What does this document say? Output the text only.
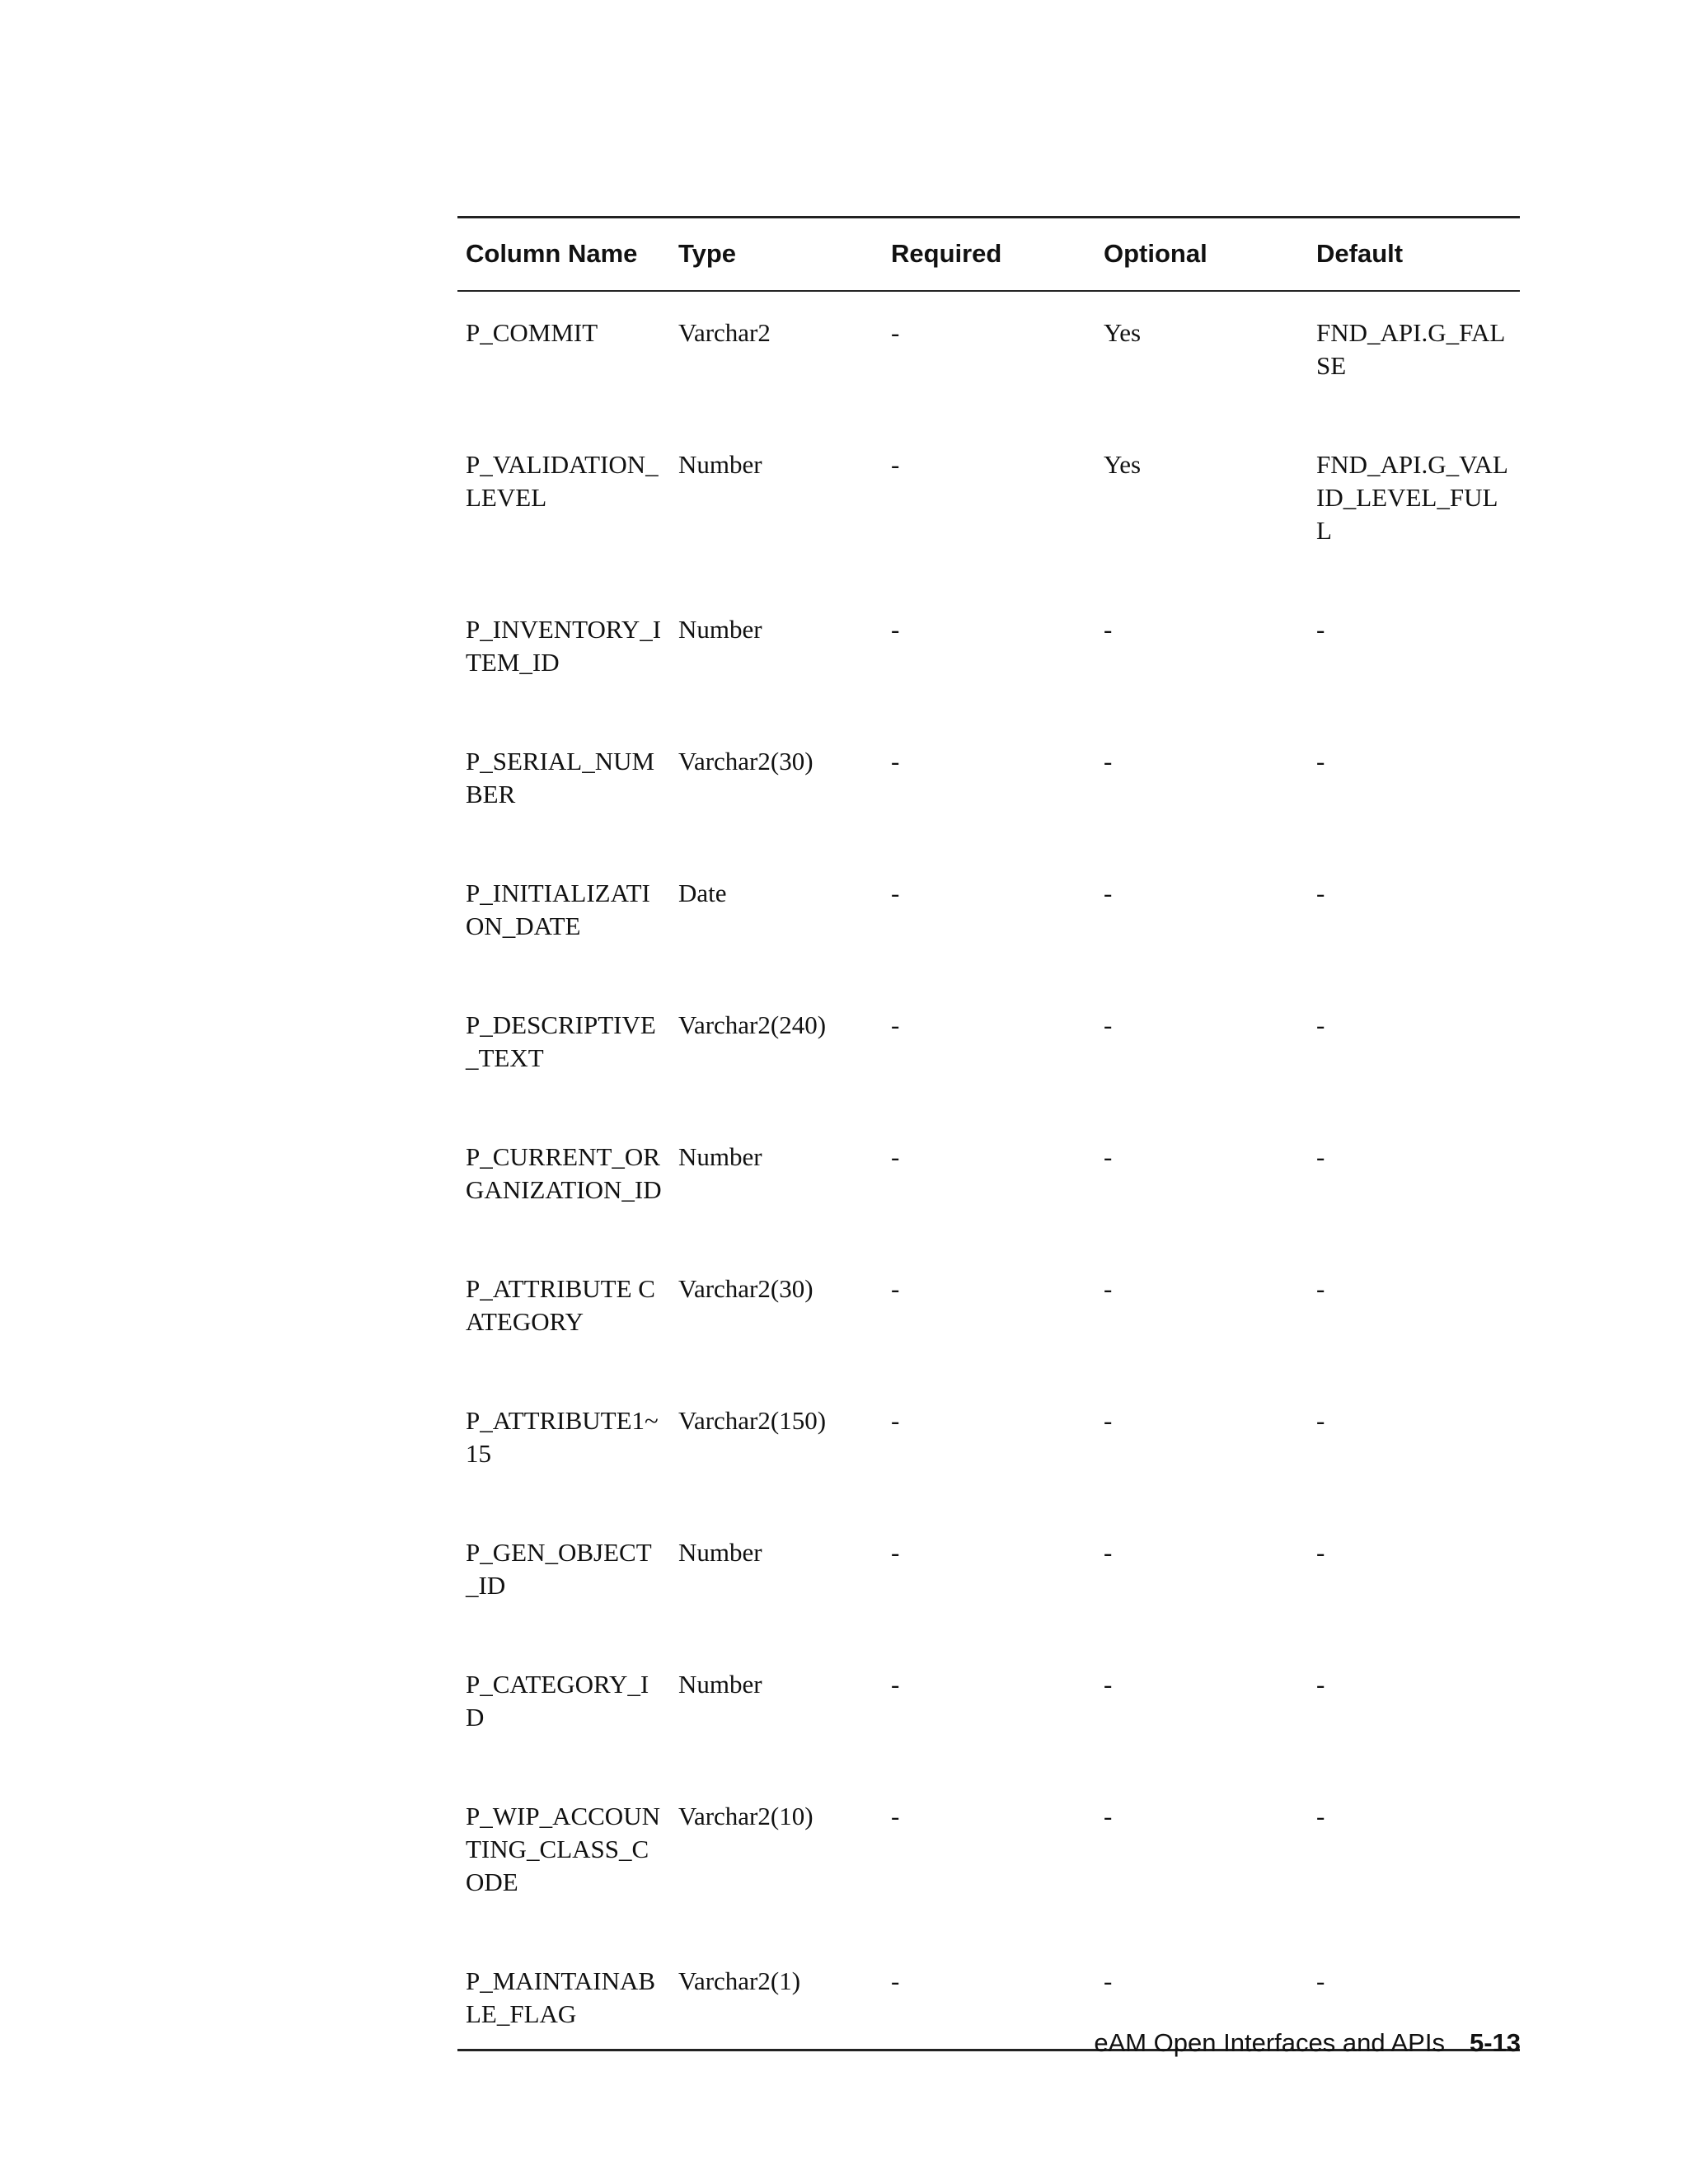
Column Name	Type	Required	Optional	Default
P_COMMIT	Varchar2	-	Yes	FND_API.G_FALSE
P_VALIDATION_LEVEL	Number	-	Yes	FND_API.G_VALID_LEVEL_FULL
P_INVENTORY_ITEM_ID	Number	-	-	-
P_SERIAL_NUMBER	Varchar2(30)	-	-	-
P_INITIALIZATION_DATE	Date	-	-	-
P_DESCRIPTIVE_TEXT	Varchar2(240)	-	-	-
P_CURRENT_ORGANIZATION_ID	Number	-	-	-
P_ATTRIBUTE CATEGORY	Varchar2(30)	-	-	-
P_ATTRIBUTE1~15	Varchar2(150)	-	-	-
P_GEN_OBJECT_ID	Number	-	-	-
P_CATEGORY_ID	Number	-	-	-
P_WIP_ACCOUNTING_CLASS_CODE	Varchar2(10)	-	-	-
P_MAINTAINABLE_FLAG	Varchar2(1)	-	-	-
eAM Open Interfaces and APIs 5-13
